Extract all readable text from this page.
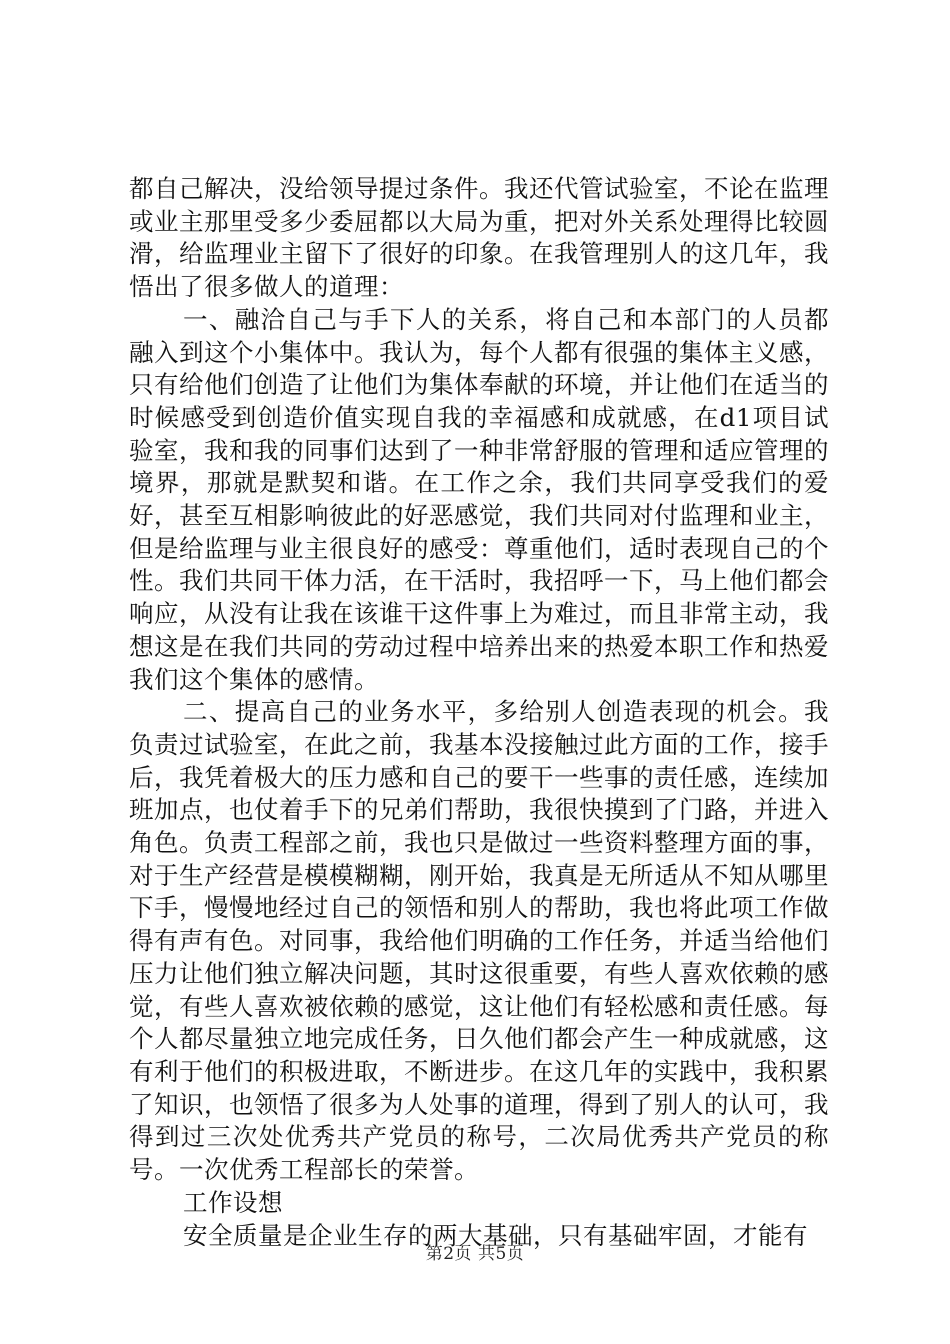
都自己解决，没给领导提过条件。我还代管试验室，不论在监理或业主那里受多少委屈都以大局为重，把对外关系处理得比较圆滑，给监理业主留下了很好的印象。在我管理别人的这几年，我悟出了很多做人的道理：

一、融洽自己与手下人的关系，将自己和本部门的人员都融入到这个小集体中。我认为，每个人都有很强的集体主义感，只有给他们创造了让他们为集体奉献的环境，并让他们在适当的时候感受到创造价值实现自我的幸福感和成就感，在d1项目试验室，我和我的同事们达到了一种非常舒服的管理和适应管理的境界，那就是默契和谐。在工作之余，我们共同享受我们的爱好，甚至互相影响彼此的好恶感觉，我们共同对付监理和业主，但是给监理与业主很良好的感受：尊重他们，适时表现自己的个性。我们共同干体力活，在干活时，我招呼一下，马上他们都会响应，从没有让我在该谁干这件事上为难过，而且非常主动，我想这是在我们共同的劳动过程中培养出来的热爱本职工作和热爱我们这个集体的感情。

二、提高自己的业务水平，多给别人创造表现的机会。我负责过试验室，在此之前，我基本没接触过此方面的工作，接手后，我凭着极大的压力感和自己的要干一些事的责任感，连续加班加点，也仗着手下的兄弟们帮助，我很快摸到了门路，并进入角色。负责工程部之前，我也只是做过一些资料整理方面的事，对于生产经营是模模糊糊，刚开始，我真是无所适从不知从哪里下手，慢慢地经过自己的领悟和别人的帮助，我也将此项工作做得有声有色。对同事，我给他们明确的工作任务，并适当给他们压力让他们独立解决问题，其时这很重要，有些人喜欢依赖的感觉，有些人喜欢被依赖的感觉，这让他们有轻松感和责任感。每个人都尽量独立地完成任务，日久他们都会产生一种成就感，这有利于他们的积极进取，不断进步。在这几年的实践中，我积累了知识，也领悟了很多为人处事的道理，得到了别人的认可，我得到过三次处优秀共产党员的称号，二次局优秀共产党员的称号。一次优秀工程部长的荣誉。

工作设想

安全质量是企业生存的两大基础，只有基础牢固，才能有

第2页 共5页
